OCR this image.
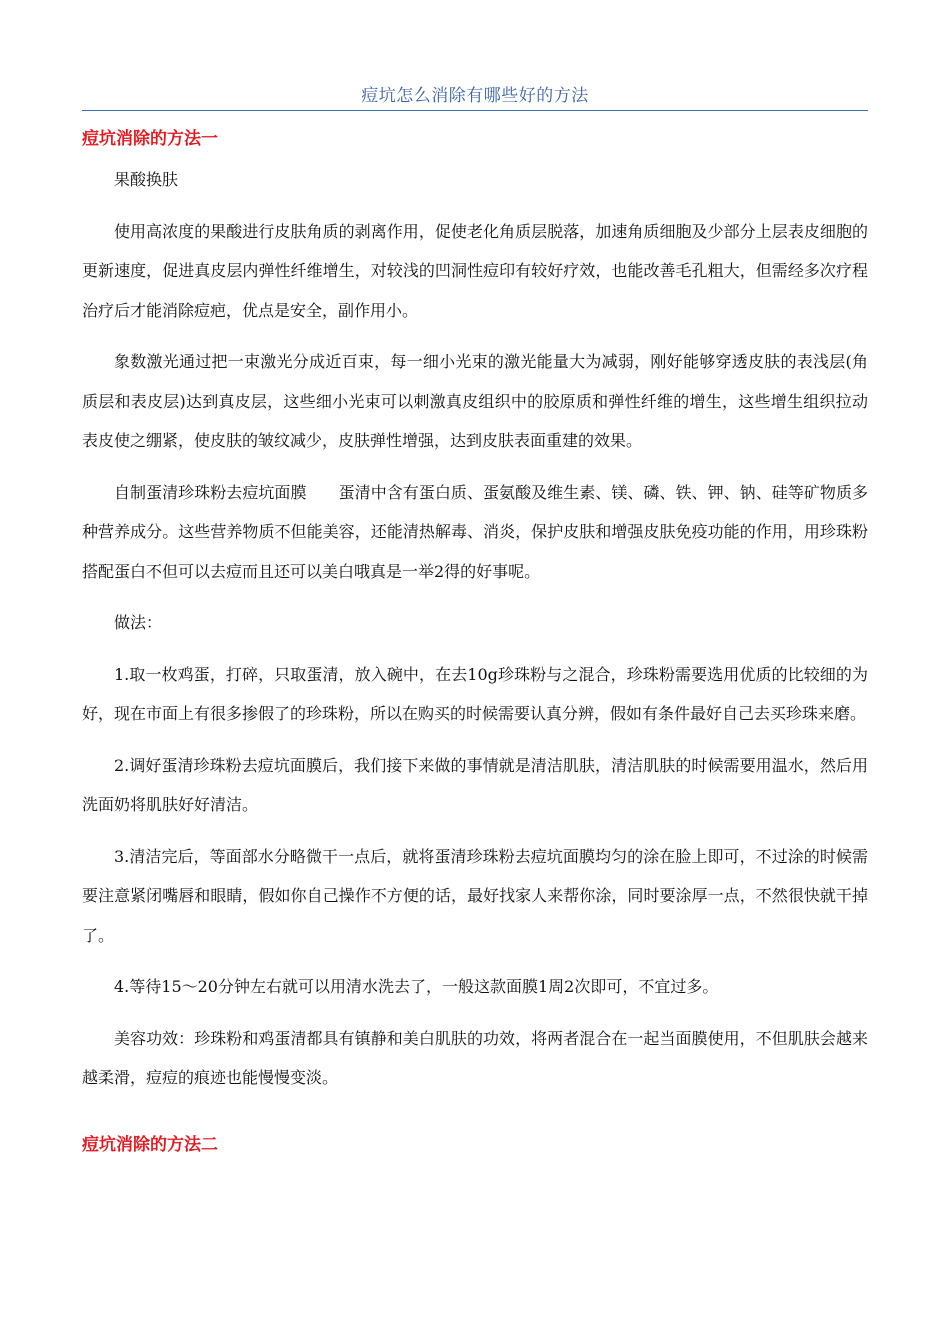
痘坑怎么消除有哪些好的方法
痘坑消除的方法一

果酸换肤

使用高浓度的果酸进行皮肤角质的剥离作用，促使老化角质层脱落，加速角质细胞及少部分上层表皮细胞的更新速度，促进真皮层内弹性纤维增生，对较浅的凹洞性痘印有较好疗效，也能改善毛孔粗大，但需经多次疗程治疗后才能消除痘疤，优点是安全，副作用小。

象数激光通过把一束激光分成近百束，每一细小光束的激光能量大为减弱，刚好能够穿透皮肤的表浅层(角质层和表皮层)达到真皮层，这些细小光束可以刺激真皮组织中的胶原质和弹性纤维的增生，这些增生组织拉动表皮使之绷紧，使皮肤的皱纹减少，皮肤弹性增强，达到皮肤表面重建的效果。

自制蛋清珍珠粉去痘坑面膜　　蛋清中含有蛋白质、蛋氨酸及维生素、镁、磷、铁、钾、钠、硅等矿物质多种营养成分。这些营养物质不但能美容，还能清热解毒、消炎，保护皮肤和增强皮肤免疫功能的作用，用珍珠粉搭配蛋白不但可以去痘而且还可以美白哦真是一举2得的好事呢。

做法：

1.取一枚鸡蛋，打碎，只取蛋清，放入碗中，在去10g珍珠粉与之混合，珍珠粉需要选用优质的比较细的为好，现在市面上有很多掺假了的珍珠粉，所以在购买的时候需要认真分辨，假如有条件最好自己去买珍珠来磨。

2.调好蛋清珍珠粉去痘坑面膜后，我们接下来做的事情就是清洁肌肤，清洁肌肤的时候需要用温水，然后用洗面奶将肌肤好好清洁。

3.清洁完后，等面部水分略微干一点后，就将蛋清珍珠粉去痘坑面膜均匀的涂在脸上即可，不过涂的时候需要注意紧闭嘴唇和眼睛，假如你自己操作不方便的话，最好找家人来帮你涂，同时要涂厚一点，不然很快就干掉了。

4.等待15～20分钟左右就可以用清水洗去了，一般这款面膜1周2次即可，不宜过多。

美容功效：珍珠粉和鸡蛋清都具有镇静和美白肌肤的功效，将两者混合在一起当面膜使用，不但肌肤会越来越柔滑，痘痘的痕迹也能慢慢变淡。

痘坑消除的方法二
